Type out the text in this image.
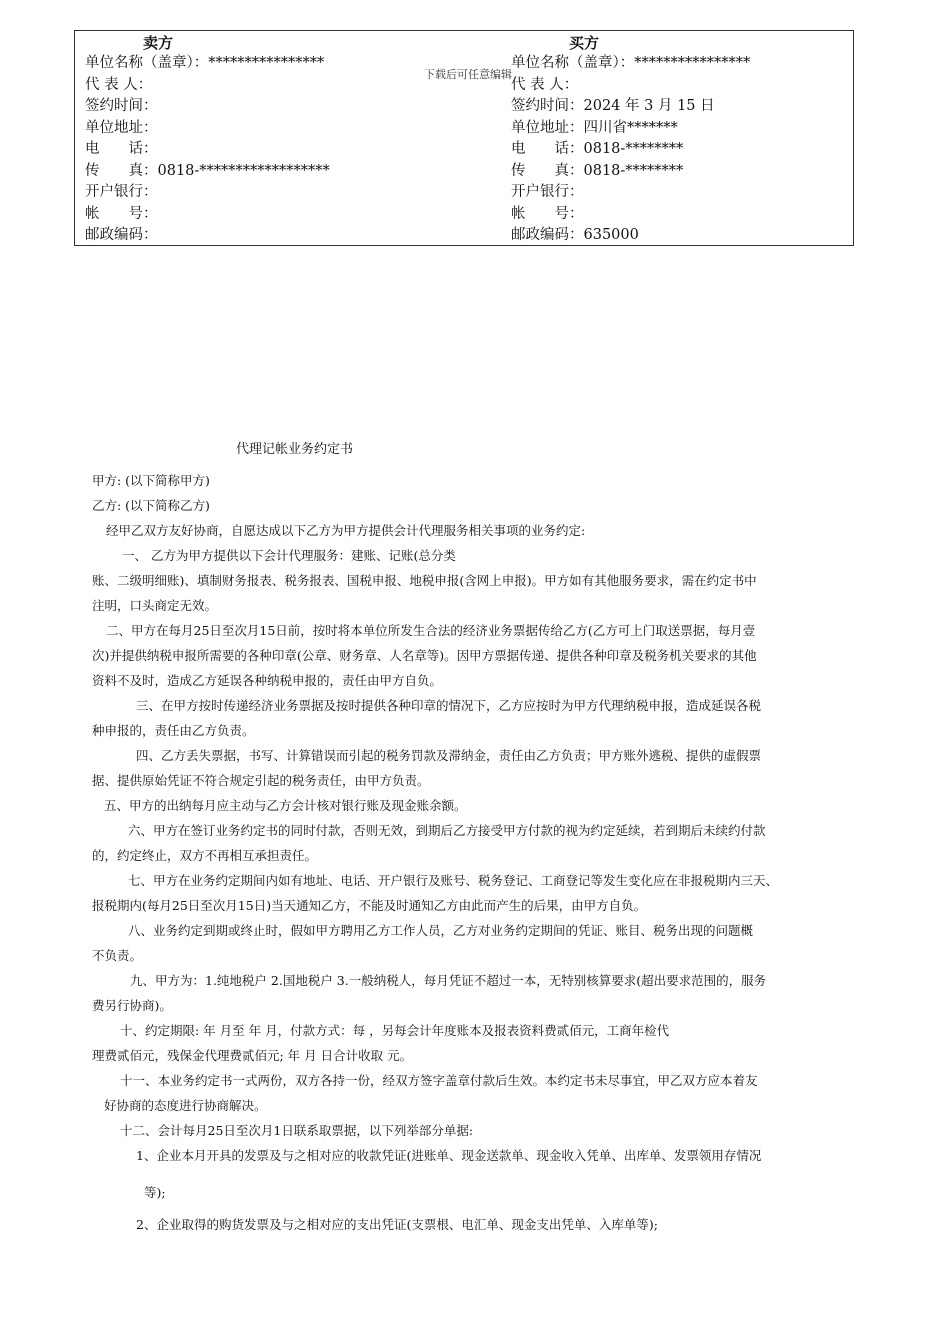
卖方
单位名称（盖章）：****************
代 表 人：
签约时间：
单位地址：
电　　话：
传　　真：0818-******************
开户银行：
帐　　号：
邮政编码：
买方
单位名称（盖章）：****************
代 表 人：
签约时间：2024 年 3 月 15 日
单位地址：四川省*******
电　　话：0818-********
传　　真：0818-********
开户银行：
帐　　号：
邮政编码：635000
下载后可任意编辑

代理记帐业务约定书

甲方: (以下简称甲方)

乙方: (以下简称乙方)

经甲乙双方友好协商，自愿达成以下乙方为甲方提供会计代理服务相关事项的业务约定:

一、 乙方为甲方提供以下会计代理服务：建账、记账(总分类

账、二级明细账)、填制财务报表、税务报表、国税申报、地税申报(含网上申报)。甲方如有其他服务要求，需在约定书中

注明，口头商定无效。

二、甲方在每月25日至次月15日前，按时将本单位所发生合法的经济业务票据传给乙方(乙方可上门取送票据，每月壹

次)并提供纳税申报所需要的各种印章(公章、财务章、人名章等)。因甲方票据传递、提供各种印章及税务机关要求的其他

资料不及时，造成乙方延误各种纳税申报的，责任由甲方自负。

三、在甲方按时传递经济业务票据及按时提供各种印章的情况下，乙方应按时为甲方代理纳税申报，造成延误各税

种申报的，责任由乙方负责。

四、乙方丢失票据，书写、计算错误而引起的税务罚款及滞纳金，责任由乙方负责；甲方账外逃税、提供的虚假票

据、提供原始凭证不符合规定引起的税务责任，由甲方负责。

五、甲方的出纳每月应主动与乙方会计核对银行账及现金账余额。

六、甲方在签订业务约定书的同时付款，否则无效，到期后乙方接受甲方付款的视为约定延续，若到期后未续约付款

的，约定终止，双方不再相互承担责任。

七、甲方在业务约定期间内如有地址、电话、开户银行及账号、税务登记、工商登记等发生变化应在非报税期内三天、

报税期内(每月25日至次月15日)当天通知乙方，不能及时通知乙方由此而产生的后果，由甲方自负。

八、业务约定到期或终止时，假如甲方聘用乙方工作人员，乙方对业务约定期间的凭证、账目、税务出现的问题概

不负责。

九、甲方为：1.纯地税户 2.国地税户 3.一般纳税人，每月凭证不超过一本，无特别核算要求(超出要求范围的，服务

费另行协商)。

十、约定期限: 年 月至 年 月，付款方式：每 ，另每会计年度账本及报表资料费贰佰元，工商年检代

理费贰佰元，残保金代理费贰佰元; 年 月 日合计收取 元。

十一、本业务约定书一式两份，双方各持一份，经双方签字盖章付款后生效。本约定书未尽事宜，甲乙双方应本着友

好协商的态度进行协商解决。

十二、会计每月25日至次月1日联系取票据，以下列举部分单据:

1、企业本月开具的发票及与之相对应的收款凭证(进账单、现金送款单、现金收入凭单、出库单、发票领用存情况

等);

2、企业取得的购货发票及与之相对应的支出凭证(支票根、电汇单、现金支出凭单、入库单等);
